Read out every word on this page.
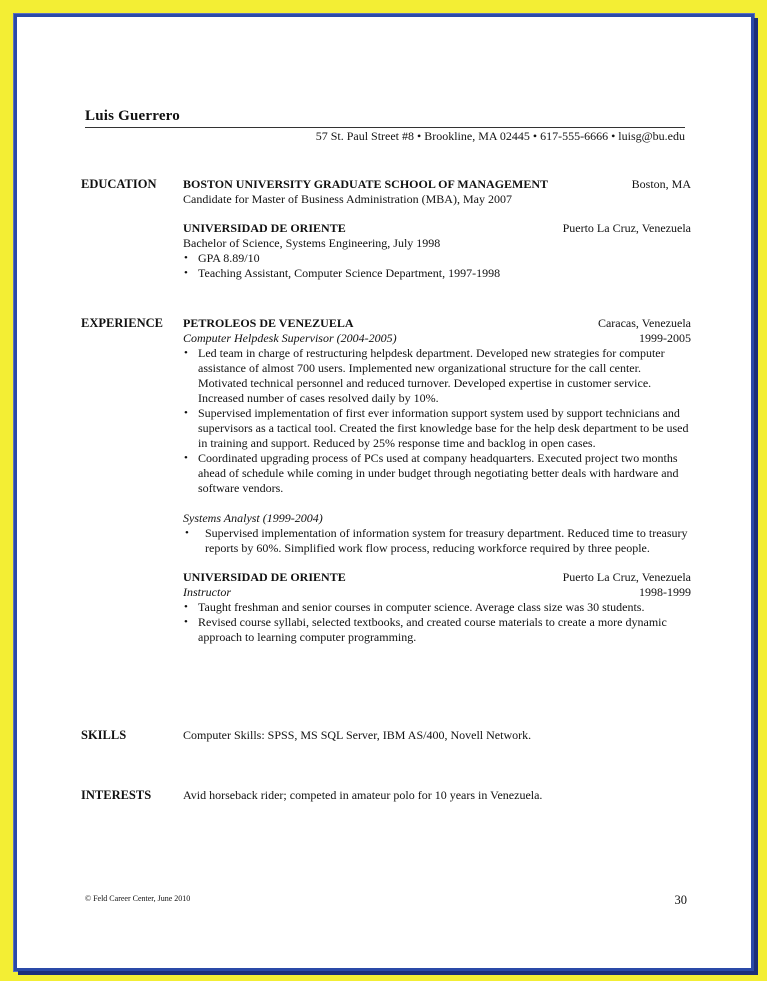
Luis Guerrero
57 St. Paul Street #8 • Brookline, MA 02445 • 617-555-6666 • luisg@bu.edu
EDUCATION BOSTON UNIVERSITY GRADUATE SCHOOL OF MANAGEMENT	Boston, MA
Candidate for Master of Business Administration (MBA), May 2007
UNIVERSIDAD DE ORIENTE	Puerto La Cruz, Venezuela
Bachelor of Science, Systems Engineering, July 1998
• GPA 8.89/10
• Teaching Assistant, Computer Science Department, 1997-1998
EXPERIENCE PETROLEOS DE VENEZUELA	Caracas, Venezuela
Computer Helpdesk Supervisor (2004-2005)	1999-2005
• Led team in charge of restructuring helpdesk department. Developed new strategies for computer assistance of almost 700 users. Implemented new organizational structure for the call center. Motivated technical personnel and reduced turnover. Developed expertise in customer service. Increased number of cases resolved daily by 10%.
• Supervised implementation of first ever information support system used by support technicians and supervisors as a tactical tool. Created the first knowledge base for the help desk department to be used in training and support. Reduced by 25% response time and backlog in open cases.
• Coordinated upgrading process of PCs used at company headquarters. Executed project two months ahead of schedule while coming in under budget through negotiating better deals with hardware and software vendors.
Systems Analyst (1999-2004)
• Supervised implementation of information system for treasury department. Reduced time to treasury reports by 60%. Simplified work flow process, reducing workforce required by three people.
UNIVERSIDAD DE ORIENTE	Puerto La Cruz, Venezuela
Instructor	1998-1999
• Taught freshman and senior courses in computer science. Average class size was 30 students.
• Revised course syllabi, selected textbooks, and created course materials to create a more dynamic approach to learning computer programming.
SKILLS	Computer Skills: SPSS, MS SQL Server, IBM AS/400, Novell Network.
INTERESTS	Avid horseback rider; competed in amateur polo for 10 years in Venezuela.
© Feld Career Center, June 2010	30
